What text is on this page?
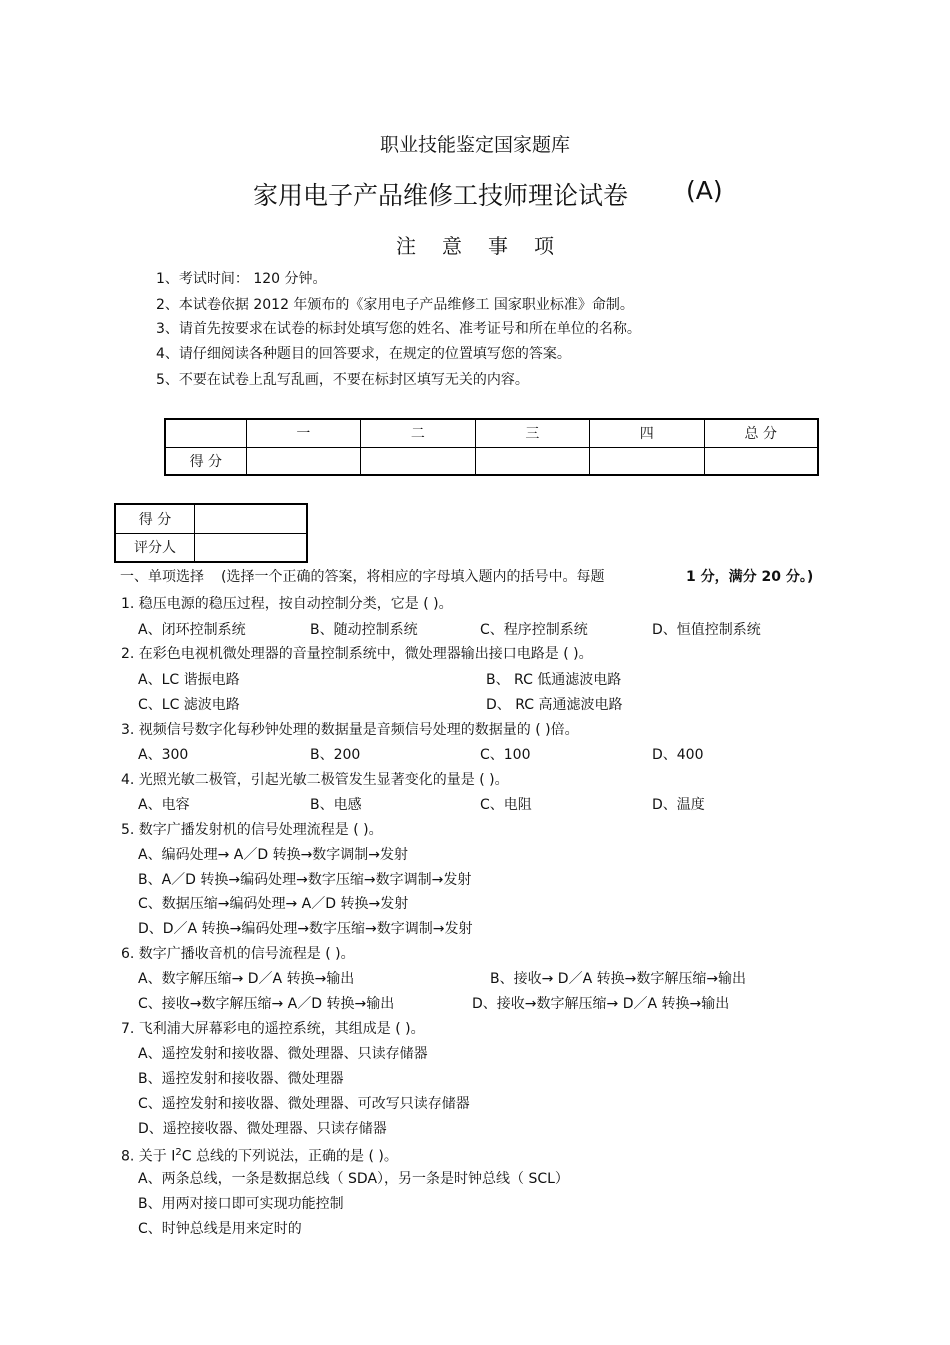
职业技能鉴定国家题库
家用电子产品维修工技师理论试卷 (A)
注意事项
1、考试时间： 120 分钟。
2、本试卷依据 2012 年颁布的《家用电子产品维修工 国家职业标准》命制。
3、请首先按要求在试卷的标封处填写您的姓名、准考证号和所在单位的名称。
4、请仔细阅读各种题目的回答要求，在规定的位置填写您的答案。
5、不要在试卷上乱写乱画，不要在标封区填写无关的内容。
	一	二	三	四	总 分
得 分					
得 分	
评分人	
一、单项选择 (选择一个正确的答案，将相应的字母填入题内的括号中。每题	1 分，满分 20 分。)
1. 稳压电源的稳压过程，按自动控制分类，它是 ( )。
A、闭环控制系统	B、随动控制系统	C、程序控制系统	D、恒值控制系统
2. 在彩色电视机微处理器的音量控制系统中，微处理器输出接口电路是 ( )。
A、LC 谐振电路	B、 RC 低通滤波电路
C、LC 滤波电路	D、 RC 高通滤波电路
3. 视频信号数字化每秒钟处理的数据量是音频信号处理的数据量的 ( )倍。
A、300	B、200	C、100	D、400
4. 光照光敏二极管，引起光敏二极管发生显著变化的量是 ( )。
A、电容	B、电感	C、电阻	D、温度
5. 数字广播发射机的信号处理流程是 ( )。
A、编码处理→ A／D 转换→数字调制→发射
B、A／D 转换→编码处理→数字压缩→数字调制→发射
C、数据压缩→编码处理→ A／D 转换→发射
D、D／A 转换→编码处理→数字压缩→数字调制→发射
6. 数字广播收音机的信号流程是 ( )。
A、数字解压缩→ D／A 转换→输出	B、接收→ D／A 转换→数字解压缩→输出
C、接收→数字解压缩→ A／D 转换→输出	D、接收→数字解压缩→ D／A 转换→输出
7. 飞利浦大屏幕彩电的遥控系统，其组成是 ( )。
A、遥控发射和接收器、微处理器、只读存储器
B、遥控发射和接收器、微处理器
C、遥控发射和接收器、微处理器、可改写只读存储器
D、遥控接收器、微处理器、只读存储器
8. 关于 $I^2C$ 总线的下列说法，正确的是 ( )。
A、两条总线，一条是数据总线（ SDA），另一条是时钟总线（ SCL）
B、用两对接口即可实现功能控制
C、时钟总线是用来定时的
